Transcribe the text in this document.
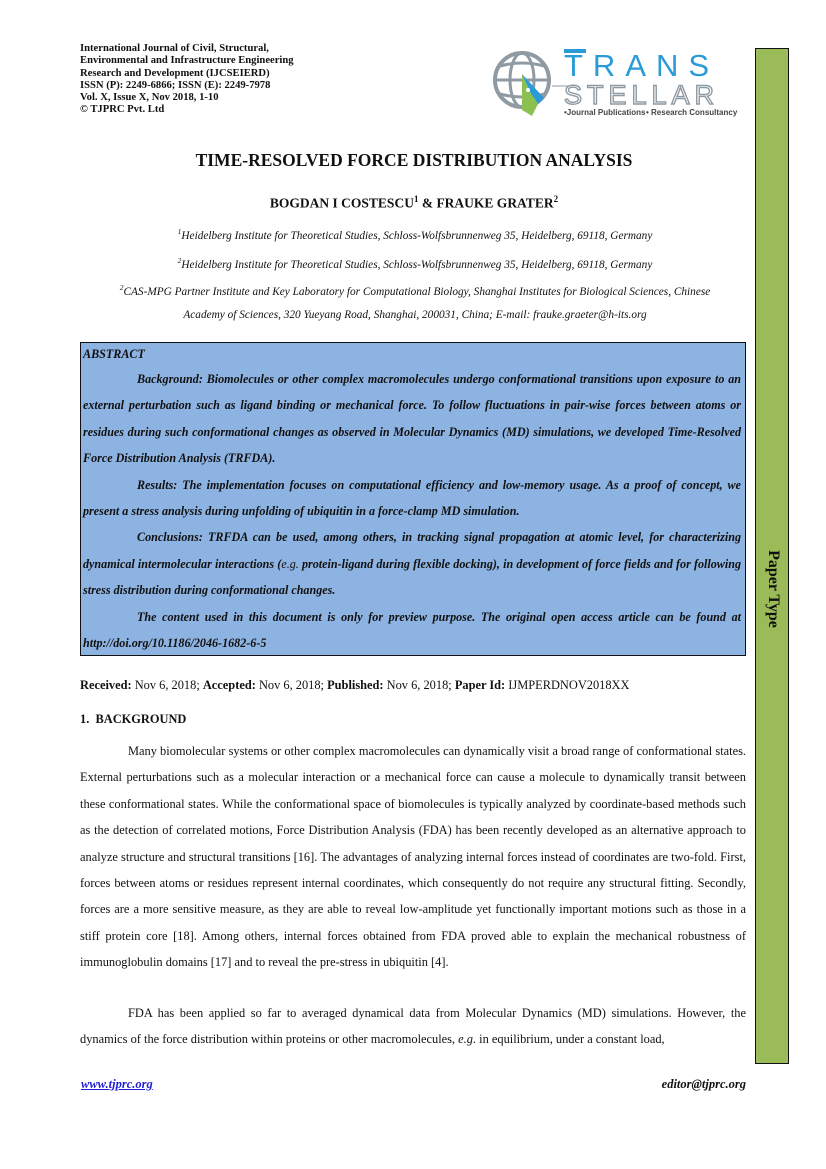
International Journal of Civil, Structural,
Environmental and Infrastructure Engineering
Research and Development (IJCSEIERD)
ISSN (P): 2249-6866; ISSN (E): 2249-7978
Vol. X, Issue X, Nov 2018, 1-10
© TJPRC Pvt. Ltd
TRANS
STELLAR
•Journal Publications • Research Consultancy
Paper Type
TIME-RESOLVED FORCE DISTRIBUTION ANALYSIS
BOGDAN I COSTESCU$^1$ & FRAUKE GRATER$^2$
$^1$Heidelberg Institute for Theoretical Studies, Schloss-Wolfsbrunnenweg 35, Heidelberg, 69118, Germany
$^2$Heidelberg Institute for Theoretical Studies, Schloss-Wolfsbrunnenweg 35, Heidelberg, 69118, Germany
$^2$CAS-MPG Partner Institute and Key Laboratory for Computational Biology, Shanghai Institutes for Biological Sciences, Chinese
Academy of Sciences, 320 Yueyang Road, Shanghai, 200031, China; E-mail: frauke.graeter@h-its.org

ABSTRACT

Background: Biomolecules or other complex macromolecules undergo conformational transitions upon exposure to an external perturbation such as ligand binding or mechanical force. To follow fluctuations in pair-wise forces between atoms or residues during such conformational changes as observed in Molecular Dynamics (MD) simulations, we developed Time-Resolved Force Distribution Analysis (TRFDA).

Results: The implementation focuses on computational efficiency and low-memory usage. As a proof of concept, we present a stress analysis during unfolding of ubiquitin in a force-clamp MD simulation.

Conclusions: TRFDA can be used, among others, in tracking signal propagation at atomic level, for characterizing dynamical intermolecular interactions (e.g. protein-ligand during flexible docking), in development of force fields and for following stress distribution during conformational changes.

The content used in this document is only for preview purpose. The original open access article can be found at http://doi.org/10.1186/2046-1682-6-5

Received: Nov 6, 2018; Accepted: Nov 6, 2018; Published: Nov 6, 2018; Paper Id: IJMPERDNOV2018XX
1. BACKGROUND

Many biomolecular systems or other complex macromolecules can dynamically visit a broad range of conformational states. External perturbations such as a molecular interaction or a mechanical force can cause a molecule to dynamically transit between these conformational states. While the conformational space of biomolecules is typically analyzed by coordinate-based methods such as the detection of correlated motions, Force Distribution Analysis (FDA) has been recently developed as an alternative approach to analyze structure and structural transitions [16]. The advantages of analyzing internal forces instead of coordinates are two-fold. First, forces between atoms or residues represent internal coordinates, which consequently do not require any structural fitting. Secondly, forces are a more sensitive measure, as they are able to reveal low-amplitude yet functionally important motions such as those in a stiff protein core [18]. Among others, internal forces obtained from FDA proved able to explain the mechanical robustness of immunoglobulin domains [17] and to reveal the pre-stress in ubiquitin [4].

FDA has been applied so far to averaged dynamical data from Molecular Dynamics (MD) simulations. However, the dynamics of the force distribution within proteins or other macromolecules, e.g. in equilibrium, under a constant load,

www.tjprc.org	editor@tjprc.org
